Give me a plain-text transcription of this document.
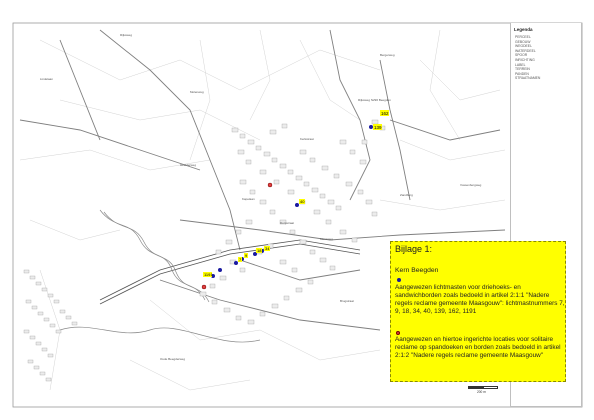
162
139
40
34
18
9
7
1191
Rijksweg
Rijksweg N296 Beegden
Molenweg
Kerkstraat
Heelderweg
Maasweg
Dorpstraat
Kapelaan
Brugstraat
Oude Beegderweg
Lindelaan
Vossenbergweg
Bergerweg
Zandberg
Legenda
PERCEEL
GEBOUW
WEGDEEL
WATERDEEL
SPOOR
INRICHTING
LABEL
TERREIN
PANDEN
STRAATNAMEN
Bijlage 1:
Kern Beegden
Aangewezen lichtmasten voor driehoeks- en sandwichborden zoals bedoeld in artikel 2:1:1 "Nadere regels reclame gemeente Maasgouw": lichtmastnummers 7, 9, 18, 34, 40, 139, 162, 1191
Aangewezen en hiertoe ingerichte locaties voor solitaire reclame op spandoeken en borden zoals bedoeld in artikel 2:1:2 "Nadere regels reclame gemeente Maasgouw"
200 m
